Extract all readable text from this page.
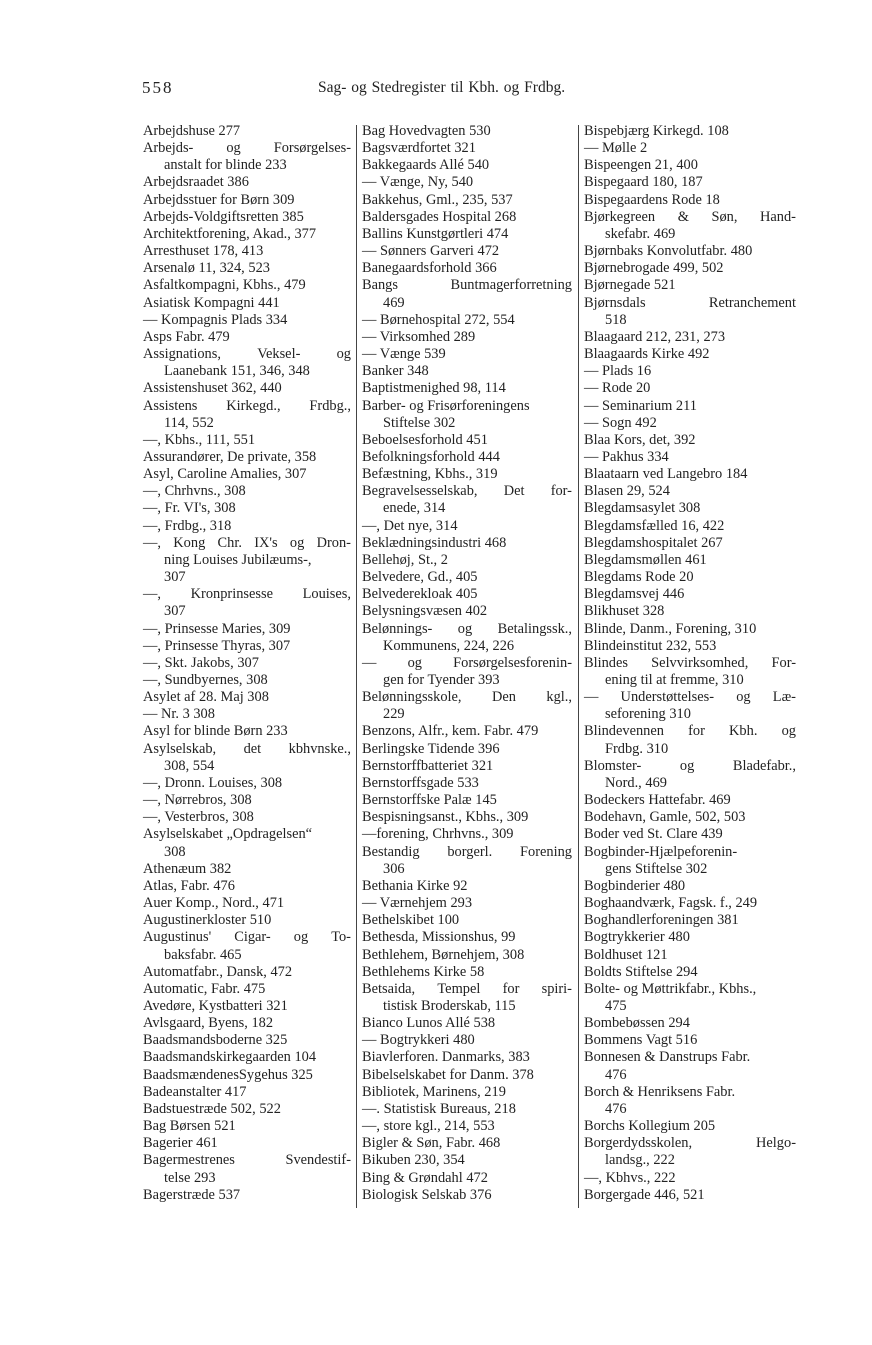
558	Sag- og Stedregister til Kbh. og Frdbg.
Arbejdshuse 277
Arbejds- og Forsørgelses-
anstalt for blinde 233
Arbejdsraadet 386
Arbejdsstuer for Børn 309
Arbejds-Voldgiftsretten 385
Architektforening, Akad., 377
Arresthuset 178, 413
Arsenalø 11, 324, 523
Asfaltkompagni, Kbhs., 479
Asiatisk Kompagni 441
— Kompagnis Plads 334
Asps Fabr. 479
Assignations,	Veksel-	og
Laanebank 151, 346, 348
Assistenshuset 362, 440
Assistens Kirkegd., Frdbg.,
114, 552
—, Kbhs., 111, 551
Assurandører, De private, 358
Asyl, Caroline Amalies, 307
—, Chrhvns., 308
—, Fr. VI's, 308
—, Frdbg., 318
—, Kong Chr. IX's og Dron-
ning Louises Jubilæums-,
307
—, Kronprinsesse Louises,
307
—, Prinsesse Maries, 309
—, Prinsesse Thyras, 307
—, Skt. Jakobs, 307
—, Sundbyernes, 308
Asylet af 28. Maj 308
— Nr. 3 308
Asyl for blinde Børn 233
Asylselskab, det kbhvnske.,
308, 554
—, Dronn. Louises, 308
—, Nørrebros, 308
—, Vesterbros, 308
Asylselskabet „Opdragelsen“
308
Athenæum 382
Atlas, Fabr. 476
Auer Komp., Nord., 471
Augustinerkloster 510
Augustinus' Cigar- og To-
baksfabr. 465
Automatfabr., Dansk, 472
Automatic, Fabr. 475
Avedøre, Kystbatteri 321
Avlsgaard, Byens, 182
Baadsmandsboderne 325
Baadsmandskirkegaarden 104
BaadsmændenesSygehus 325
Badeanstalter 417
Badstuestræde 502, 522
Bag Børsen 521
Bagerier 461
Bagermestrenes	Svendestif-
telse 293
Bagerstræde 537
Bag Hovedvagten 530
Bagsværdfortet 321
Bakkegaards Allé 540
— Vænge, Ny, 540
Bakkehus, Gml., 235, 537
Baldersgades Hospital 268
Ballins Kunstgørtleri 474
— Sønners Garveri 472
Banegaardsforhold 366
Bangs	Buntmagerforretning
469
— Børnehospital 272, 554
— Virksomhed 289
— Vænge 539
Banker 348
Baptistmenighed 98, 114
Barber- og Frisørforeningens
Stiftelse 302
Beboelsesforhold 451
Befolkningsforhold 444
Befæstning, Kbhs., 319
Begravelsesselskab, Det for-
enede, 314
—, Det nye, 314
Beklædningsindustri 468
Bellehøj, St., 2
Belvedere, Gd., 405
Belvederekloak 405
Belysningsvæsen 402
Belønnings- og Betalingssk.,
Kommunens, 224, 226
— og Forsørgelsesforenin-
gen for Tyender 393
Belønningsskole, Den kgl.,
229
Benzons, Alfr., kem. Fabr. 479
Berlingske Tidende 396
Bernstorffbatteriet 321
Bernstorffsgade 533
Bernstorffske Palæ 145
Bespisningsanst., Kbhs., 309
—forening, Chrhvns., 309
Bestandig borgerl. Forening
306
Bethania Kirke 92
— Værnehjem 293
Bethelskibet 100
Bethesda, Missionshus, 99
Bethlehem, Børnehjem, 308
Bethlehems Kirke 58
Betsaida, Tempel for spiri-
tistisk Broderskab, 115
Bianco Lunos Allé 538
— Bogtrykkeri 480
Biavlerforen. Danmarks, 383
Bibelselskabet for Danm. 378
Bibliotek, Marinens, 219
—. Statistisk Bureaus, 218
—, store kgl., 214, 553
Bigler & Søn, Fabr. 468
Bikuben 230, 354
Bing & Grøndahl 472
Biologisk Selskab 376
Bispebjærg Kirkegd. 108
— Mølle 2
Bispeengen 21, 400
Bispegaard 180, 187
Bispegaardens Rode 18
Bjørkegreen & Søn, Hand-
skefabr. 469
Bjørnbaks Konvolutfabr. 480
Bjørnebrogade 499, 502
Bjørnegade 521
Bjørnsdals	Retranchement
518
Blaagaard 212, 231, 273
Blaagaards Kirke 492
— Plads 16
— Rode 20
— Seminarium 211
— Sogn 492
Blaa Kors, det, 392
— Pakhus 334
Blaataarn ved Langebro 184
Blasen 29, 524
Blegdamsasylet 308
Blegdamsfælled 16, 422
Blegdamshospitalet 267
Blegdamsmøllen 461
Blegdams Rode 20
Blegdamsvej 446
Blikhuset 328
Blinde, Danm., Forening, 310
Blindeinstitut 232, 553
Blindes Selvvirksomhed, For-
ening til at fremme, 310
— Understøttelses- og Læ-
seforening 310
Blindevennen for Kbh. og
Frdbg. 310
Blomster-	og	Bladefabr.,
Nord., 469
Bodeckers Hattefabr. 469
Bodehavn, Gamle, 502, 503
Boder ved St. Clare 439
Bogbinder-Hjælpeforenin-
gens Stiftelse 302
Bogbinderier 480
Boghaandværk, Fagsk. f., 249
Boghandlerforeningen 381
Bogtrykkerier 480
Boldhuset 121
Boldts Stiftelse 294
Bolte- og Møttrikfabr., Kbhs.,
475
Bombebøssen 294
Bommens Vagt 516
Bonnesen & Danstrups Fabr.
476
Borch & Henriksens Fabr.
476
Borchs Kollegium 205
Borgerdydsskolen,	Helgo-
landsg., 222
—, Kbhvs., 222
Borgergade 446, 521
